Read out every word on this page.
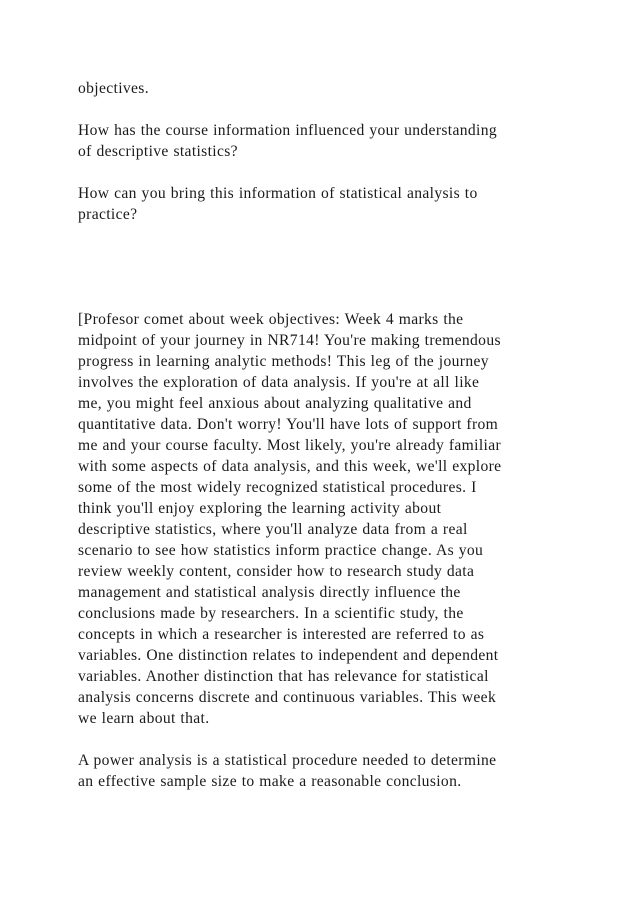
objectives.
How has the course information influenced your understanding
of descriptive statistics?
How can you bring this information of statistical analysis to
practice?
[Profesor comet about week objectives: Week 4 marks the
midpoint of your journey in NR714! You're making tremendous
progress in learning analytic methods! This leg of the journey
involves the exploration of data analysis. If you're at all like
me, you might feel anxious about analyzing qualitative and
quantitative data. Don't worry! You'll have lots of support from
me and your course faculty. Most likely, you're already familiar
with some aspects of data analysis, and this week, we'll explore
some of the most widely recognized statistical procedures. I
think you'll enjoy exploring the learning activity about
descriptive statistics, where you'll analyze data from a real
scenario to see how statistics inform practice change. As you
review weekly content, consider how to research study data
management and statistical analysis directly influence the
conclusions made by researchers. In a scientific study, the
concepts in which a researcher is interested are referred to as
variables. One distinction relates to independent and dependent
variables. Another distinction that has relevance for statistical
analysis concerns discrete and continuous variables. This week
we learn about that.
A power analysis is a statistical procedure needed to determine
an effective sample size to make a reasonable conclusion.
